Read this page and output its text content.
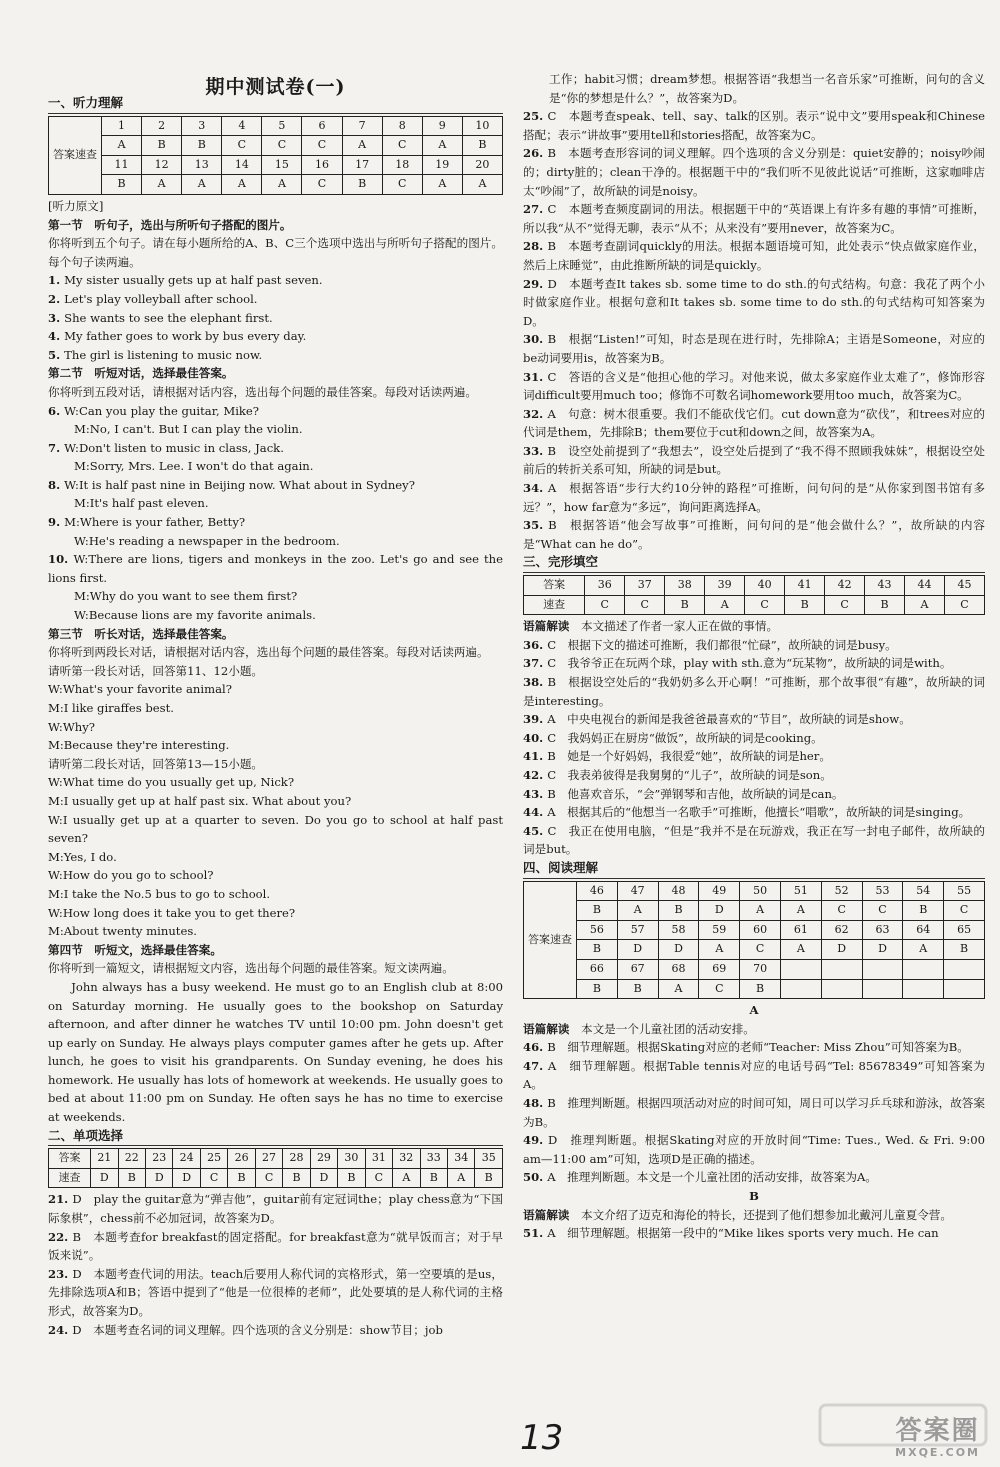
期中测试卷(一)

一、听力理解

答案速查	1	2	3	4	5	6	7	8	9	10
	A	B	B	C	C	C	A	C	A	B
	11	12	13	14	15	16	17	18	19	20
	B	A	A	A	A	C	B	C	A	A

[听力原文]

第一节　听句子，选出与所听句子搭配的图片。

你将听到五个句子。请在每小题所给的A、B、C三个选项中选出与所听句子搭配的图片。每个句子读两遍。

1. My sister usually gets up at half past seven.

2. Let's play volleyball after school.

3. She wants to see the elephant first.

4. My father goes to work by bus every day.

5. The girl is listening to music now.

第二节　听短对话，选择最佳答案。

你将听到五段对话，请根据对话内容，选出每个问题的最佳答案。每段对话读两遍。

6. W:Can you play the guitar, Mike?

M:No, I can't. But I can play the violin.

7. W:Don't listen to music in class, Jack.

M:Sorry, Mrs. Lee. I won't do that again.

8. W:It is half past nine in Beijing now. What about in Sydney?

M:It's half past eleven.

9. M:Where is your father, Betty?

W:He's reading a newspaper in the bedroom.

10. W:There are lions, tigers and monkeys in the zoo. Let's go and see the lions first.

M:Why do you want to see them first?

W:Because lions are my favorite animals.

第三节　听长对话，选择最佳答案。

你将听到两段长对话，请根据对话内容，选出每个问题的最佳答案。每段对话读两遍。

请听第一段长对话，回答第11、12小题。

W:What's your favorite animal?

M:I like giraffes best.

W:Why?

M:Because they're interesting.

请听第二段长对话，回答第13—15小题。

W:What time do you usually get up, Nick?

M:I usually get up at half past six. What about you?

W:I usually get up at a quarter to seven. Do you go to school at half past seven?

M:Yes, I do.

W:How do you go to school?

M:I take the No.5 bus to go to school.

W:How long does it take you to get there?

M:About twenty minutes.

第四节　听短文，选择最佳答案。

你将听到一篇短文，请根据短文内容，选出每个问题的最佳答案。短文读两遍。

John always has a busy weekend. He must go to an English club at 8:00 on Saturday morning. He usually goes to the bookshop on Saturday afternoon, and after dinner he watches TV until 10:00 pm. John doesn't get up early on Sunday. He always plays computer games after he gets up. After lunch, he goes to visit his grandparents. On Sunday evening, he does his homework. He usually has lots of homework at weekends. He usually goes to bed at about 11:00 pm on Sunday. He often says he has no time to exercise at weekends.

二、单项选择

答案	21	22	23	24	25	26	27	28	29	30	31	32	33	34	35
速查	D	B	D	D	C	B	C	B	D	B	C	A	B	A	B

21. D　play the guitar意为“弹吉他”，guitar前有定冠词the；play chess意为“下国际象棋”，chess前不必加冠词，故答案为D。

22. B　本题考查for breakfast的固定搭配。for breakfast意为“就早饭而言；对于早饭来说”。

23. D　本题考查代词的用法。teach后要用人称代词的宾格形式，第一空要填的是us，先排除选项A和B；答语中提到了“他是一位很棒的老师”，此处要填的是人称代词的主格形式，故答案为D。

24. D　本题考查名词的词义理解。四个选项的含义分别是：show节目；job

工作；habit习惯；dream梦想。根据答语“我想当一名音乐家”可推断，问句的含义是“你的梦想是什么？”，故答案为D。

25. C　本题考查speak、tell、say、talk的区别。表示“说中文”要用speak和Chinese搭配；表示“讲故事”要用tell和stories搭配，故答案为C。

26. B　本题考查形容词的词义理解。四个选项的含义分别是：quiet安静的；noisy吵闹的；dirty脏的；clean干净的。根据题干中的“我们听不见彼此说话”可推断，这家咖啡店太“吵闹”了，故所缺的词是noisy。

27. C　本题考查频度副词的用法。根据题干中的“英语课上有许多有趣的事情”可推断，所以我“从不”觉得无聊，表示“从不；从来没有”要用never，故答案为C。

28. B　本题考查副词quickly的用法。根据本题语境可知，此处表示“快点做家庭作业，然后上床睡觉”，由此推断所缺的词是quickly。

29. D　本题考查It takes sb. some time to do sth.的句式结构。句意：我花了两个小时做家庭作业。根据句意和It takes sb. some time to do sth.的句式结构可知答案为D。

30. B　根据“Listen!”可知，时态是现在进行时，先排除A；主语是Someone，对应的be动词要用is，故答案为B。

31. C　答语的含义是“他担心他的学习。对他来说，做太多家庭作业太难了”，修饰形容词difficult要用much too；修饰不可数名词homework要用too much，故答案为C。

32. A　句意：树木很重要。我们不能砍伐它们。cut down意为“砍伐”，和trees对应的代词是them，先排除B；them要位于cut和down之间，故答案为A。

33. B　设空处前提到了“我想去”，设空处后提到了“我不得不照顾我妹妹”，根据设空处前后的转折关系可知，所缺的词是but。

34. A　根据答语“步行大约10分钟的路程”可推断，问句问的是“从你家到图书馆有多远？”，how far意为“多远”，询问距离选择A。

35. B　根据答语“他会写故事”可推断，问句问的是“他会做什么？”，故所缺的内容是“What can he do”。

三、完形填空

答案	36	37	38	39	40	41	42	43	44	45
速查	C	C	B	A	C	B	C	B	A	C

语篇解读　本文描述了作者一家人正在做的事情。

36. C　根据下文的描述可推断，我们都很“忙碌”，故所缺的词是busy。

37. C　我爷爷正在玩两个球，play with sth.意为“玩某物”，故所缺的词是with。

38. B　根据设空处后的“我奶奶多么开心啊！”可推断，那个故事很“有趣”，故所缺的词是interesting。

39. A　中央电视台的新闻是我爸爸最喜欢的“节目”，故所缺的词是show。

40. C　我妈妈正在厨房“做饭”，故所缺的词是cooking。

41. B　她是一个好妈妈，我很爱“她”，故所缺的词是her。

42. C　我表弟彼得是我舅舅的“儿子”，故所缺的词是son。

43. B　他喜欢音乐，“会”弹钢琴和吉他，故所缺的词是can。

44. A　根据其后的“他想当一名歌手”可推断，他擅长“唱歌”，故所缺的词是singing。

45. C　我正在使用电脑，“但是”我并不是在玩游戏，我正在写一封电子邮件，故所缺的词是but。

四、阅读理解

答案速查	46	47	48	49	50	51	52	53	54	55
	B	A	B	D	A	A	C	C	B	C
	56	57	58	59	60	61	62	63	64	65
	B	D	D	A	C	A	D	D	A	B
	66	67	68	69	70					
	B	B	A	C	B					
A

语篇解读　本文是一个儿童社团的活动安排。

46. B　细节理解题。根据Skating对应的老师“Teacher: Miss Zhou”可知答案为B。

47. A　细节理解题。根据Table tennis对应的电话号码“Tel: 85678349”可知答案为A。

48. B　推理判断题。根据四项活动对应的时间可知，周日可以学习乒乓球和游泳，故答案为B。

49. D　推理判断题。根据Skating对应的开放时间“Time: Tues., Wed. & Fri. 9:00 am—11:00 am”可知，选项D是正确的描述。

50. A　推理判断题。本文是一个儿童社团的活动安排，故答案为A。

B

语篇解读　本文介绍了迈克和海伦的特长，还提到了他们想参加北戴河儿童夏令营。

51. A　细节理解题。根据第一段中的“Mike likes sports very much. He can

13	答案圈
MXQE.COM
